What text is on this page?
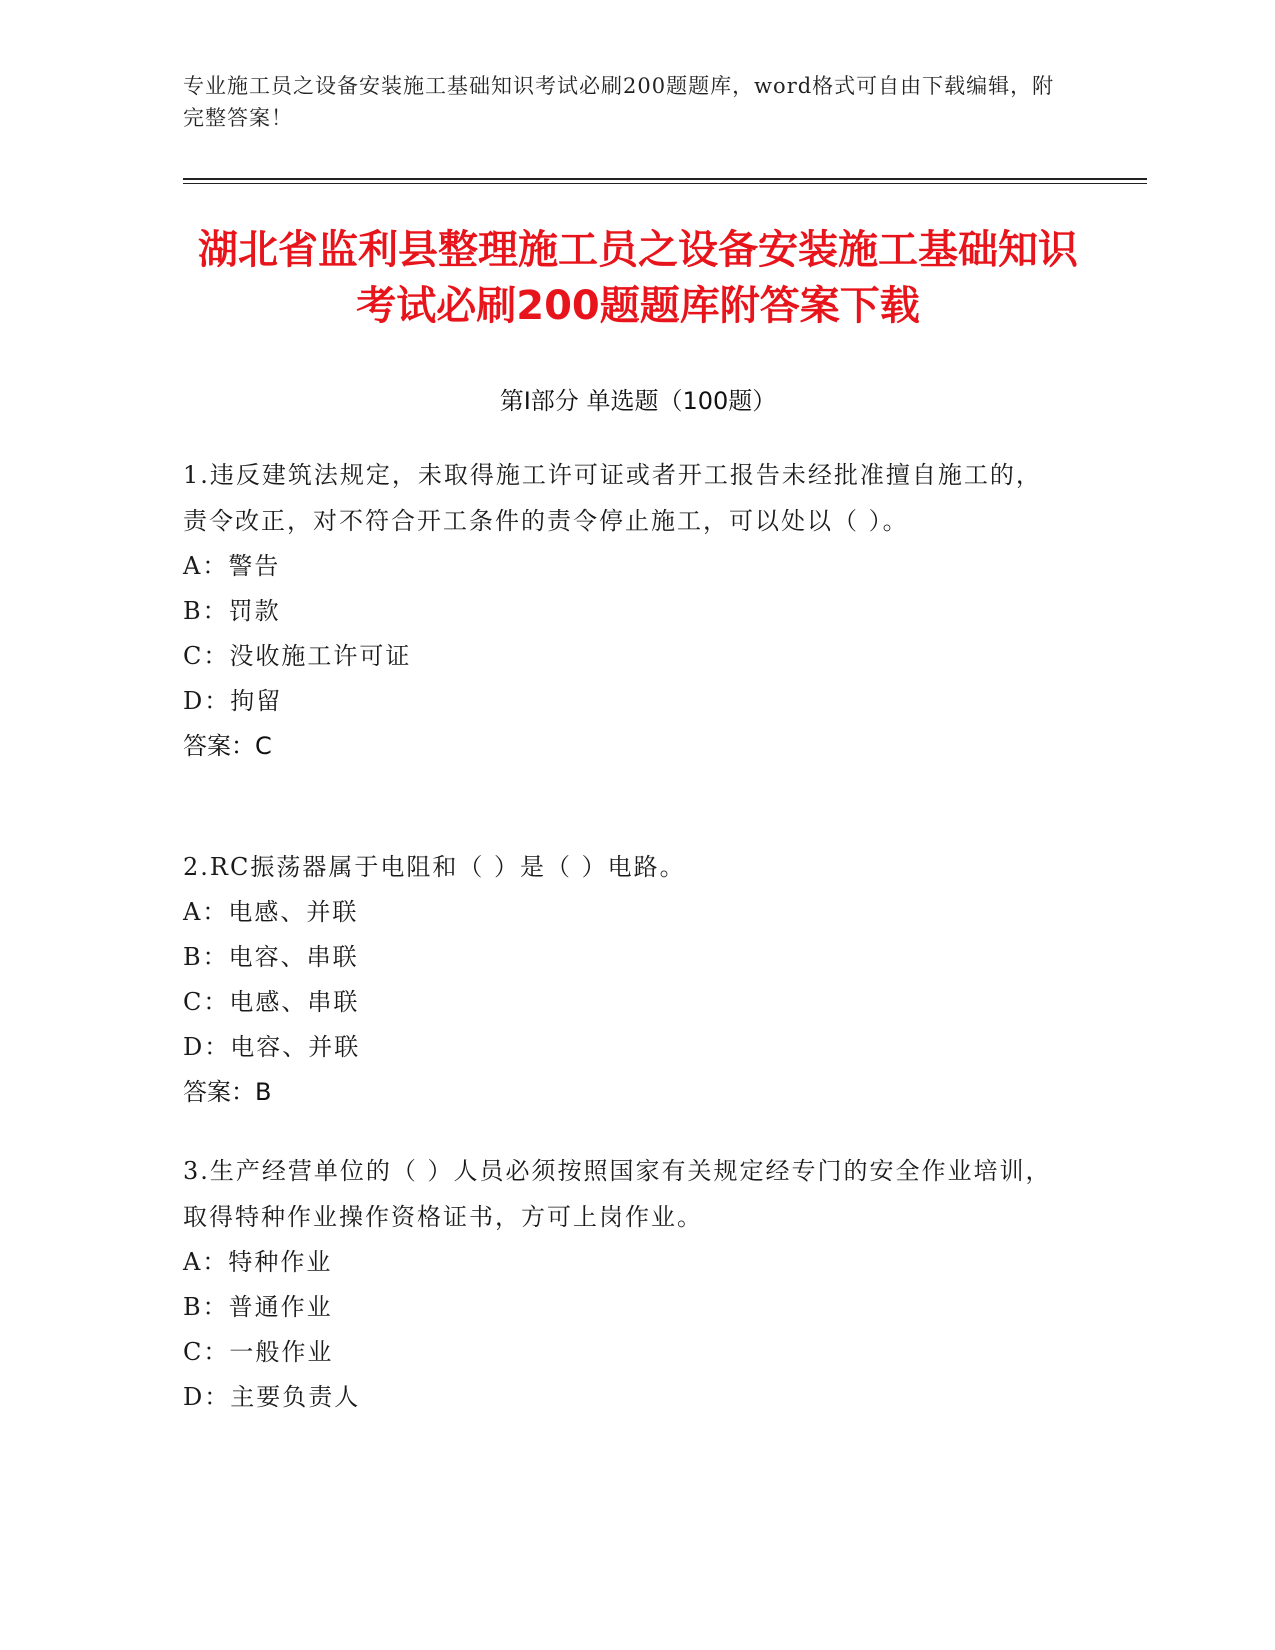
专业施工员之设备安装施工基础知识考试必刷200题题库，word格式可自由下载编辑，附完整答案！
湖北省监利县整理施工员之设备安装施工基础知识考试必刷200题题库附答案下载
第Ⅰ部分 单选题（100题）

1.违反建筑法规定，未取得施工许可证或者开工报告未经批准擅自施工的，责令改正，对不符合开工条件的责令停止施工，可以处以（ ）。

A：警告

B：罚款

C：没收施工许可证

D：拘留

答案：C

2.RC振荡器属于电阻和（ ）是（ ）电路。

A：电感、并联

B：电容、串联

C：电感、串联

D：电容、并联

答案：B

3.生产经营单位的（ ）人员必须按照国家有关规定经专门的安全作业培训，取得特种作业操作资格证书，方可上岗作业。

A：特种作业

B：普通作业

C：一般作业

D：主要负责人
